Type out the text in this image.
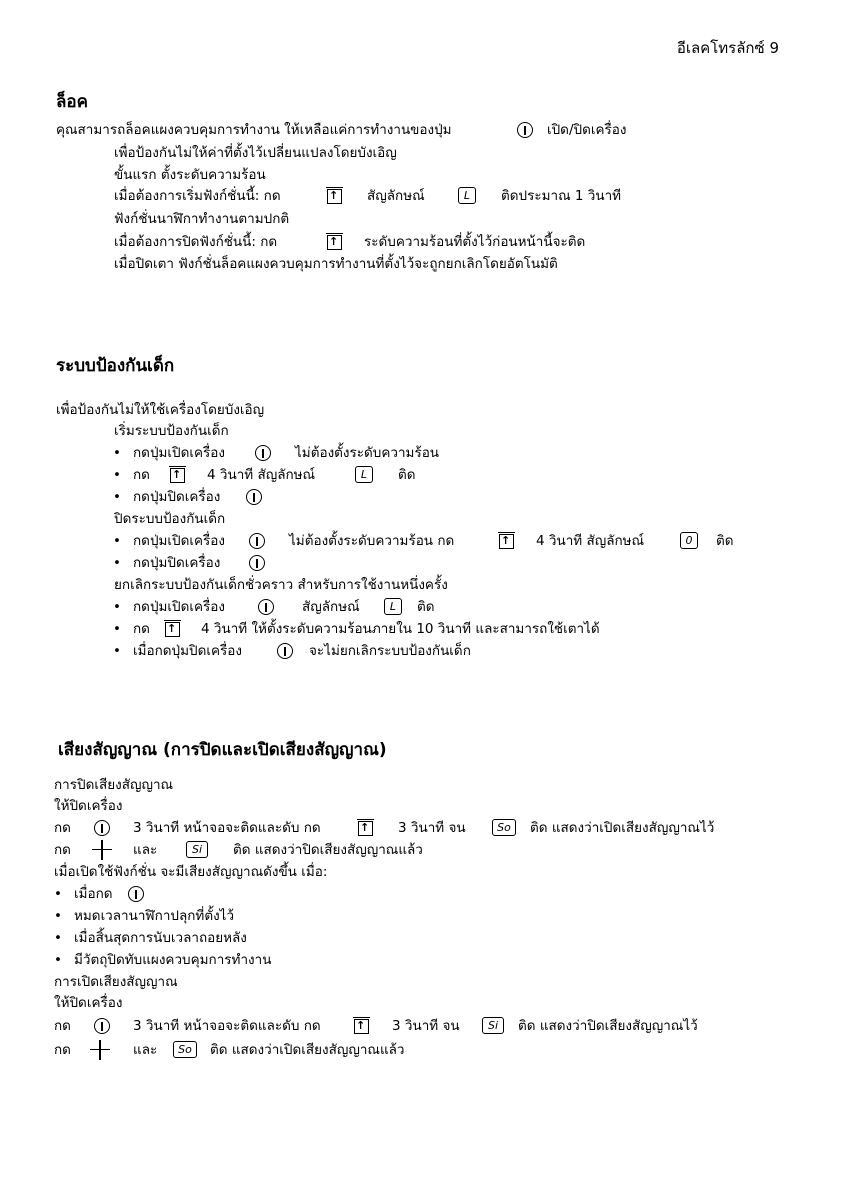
อีเลคโทรลักซ์ 9
ล็อค
คุณสามารถล็อคแผงควบคุมการทำงาน ให้เหลือแค่การทำงานของปุ่ม	เปิด/ปิดเครื่อง
เพื่อป้องกันไม่ให้ค่าที่ตั้งไว้เปลี่ยนแปลงโดยบังเอิญ
ขั้นแรก ตั้งระดับความร้อน
เมื่อต้องการเริ่มฟังก์ชั่นนี้: กด ↑	สัญลักษณ์	L	ติดประมาณ 1 วินาที
ฟังก์ชั่นนาฬิกาทำงานตามปกติ
เมื่อต้องการปิดฟังก์ชั่นนี้: กด ↑	ระดับความร้อนที่ตั้งไว้ก่อนหน้านี้จะติด
เมื่อปิดเตา ฟังก์ชั่นล็อคแผงควบคุมการทำงานที่ตั้งไว้จะถูกยกเลิกโดยอัตโนมัติ
ระบบป้องกันเด็ก
เพื่อป้องกันไม่ให้ใช้เครื่องโดยบังเอิญ
เริ่มระบบป้องกันเด็ก
• กดปุ่มเปิดเครื่อง	ไม่ต้องตั้งระดับความร้อน
• กด ↑	4 วินาที สัญลักษณ์	L	ติด
• กดปุ่มปิดเครื่อง
ปิดระบบป้องกันเด็ก
• กดปุ่มเปิดเครื่อง	ไม่ต้องตั้งระดับความร้อน กด ↑	4 วินาที สัญลักษณ์	0	ติด
• กดปุ่มปิดเครื่อง
ยกเลิกระบบป้องกันเด็กชั่วคราว สำหรับการใช้งานหนึ่งครั้ง
• กดปุ่มเปิดเครื่อง	สัญลักษณ์	L	ติด
• กด ↑	4 วินาที ให้ตั้งระดับความร้อนภายใน 10 วินาที และสามารถใช้เตาได้
• เมื่อกดปุ่มปิดเครื่อง	จะไม่ยกเลิกระบบป้องกันเด็ก
เสียงสัญญาณ (การปิดและเปิดเสียงสัญญาณ)
การปิดเสียงสัญญาณ
ให้ปิดเครื่อง
กด	3 วินาที หน้าจอจะติดและดับ กด ↑	3 วินาที จน	So	ติด แสดงว่าเปิดเสียงสัญญาณไว้
กด	และ	Si	ติด แสดงว่าปิดเสียงสัญญาณแล้ว
เมื่อเปิดใช้ฟังก์ชั่น จะมีเสียงสัญญาณดังขึ้น เมื่อ:
• เมื่อกด
• หมดเวลานาฬิกาปลุกที่ตั้งไว้
• เมื่อสิ้นสุดการนับเวลาถอยหลัง
• มีวัตถุปิดทับแผงควบคุมการทำงาน
การเปิดเสียงสัญญาณ
ให้ปิดเครื่อง
กด	3 วินาที หน้าจอจะติดและดับ กด ↑	3 วินาที จน	Si	ติด แสดงว่าปิดเสียงสัญญาณไว้
กด	และ	So	ติด แสดงว่าเปิดเสียงสัญญาณแล้ว
